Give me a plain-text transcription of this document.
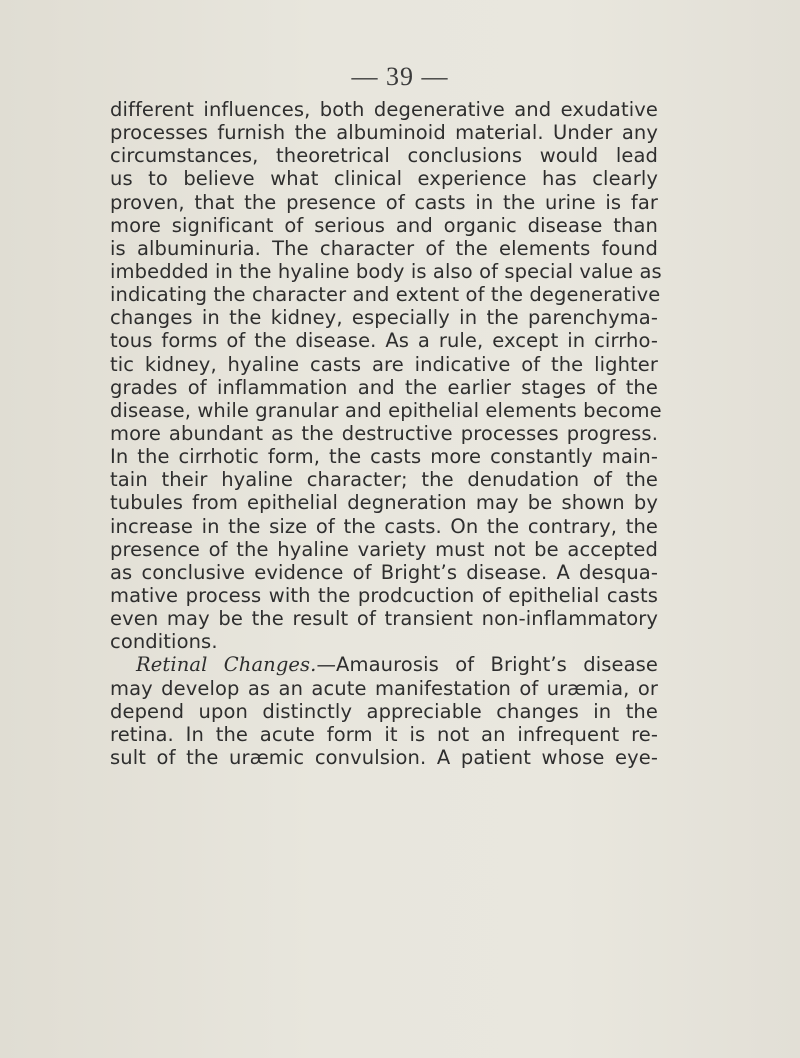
— 39 —
different influences, both degenerative and exudative
processes furnish the albuminoid material. Under any
circumstances, theoretrical conclusions would lead
us to believe what clinical experience has clearly
proven, that the presence of casts in the urine is far
more significant of serious and organic disease than
is albuminuria. The character of the elements found
imbedded in the hyaline body is also of special value as
indicating the character and extent of the degenerative
changes in the kidney, especially in the parenchyma-
tous forms of the disease. As a rule, except in cirrho-
tic kidney, hyaline casts are indicative of the lighter
grades of inflammation and the earlier stages of the
disease, while granular and epithelial elements become
more abundant as the destructive processes progress.
In the cirrhotic form, the casts more constantly main-
tain their hyaline character; the denudation of the
tubules from epithelial degneration may be shown by
increase in the size of the casts. On the contrary, the
presence of the hyaline variety must not be accepted
as conclusive evidence of Bright’s disease. A desqua-
mative process with the prodcuction of epithelial casts
even may be the result of transient non-inflammatory
conditions.
Retinal Changes.—Amaurosis of Bright’s disease
may develop as an acute manifestation of uræmia, or
depend upon distinctly appreciable changes in the
retina. In the acute form it is not an infrequent re-
sult of the uræmic convulsion. A patient whose eye-
